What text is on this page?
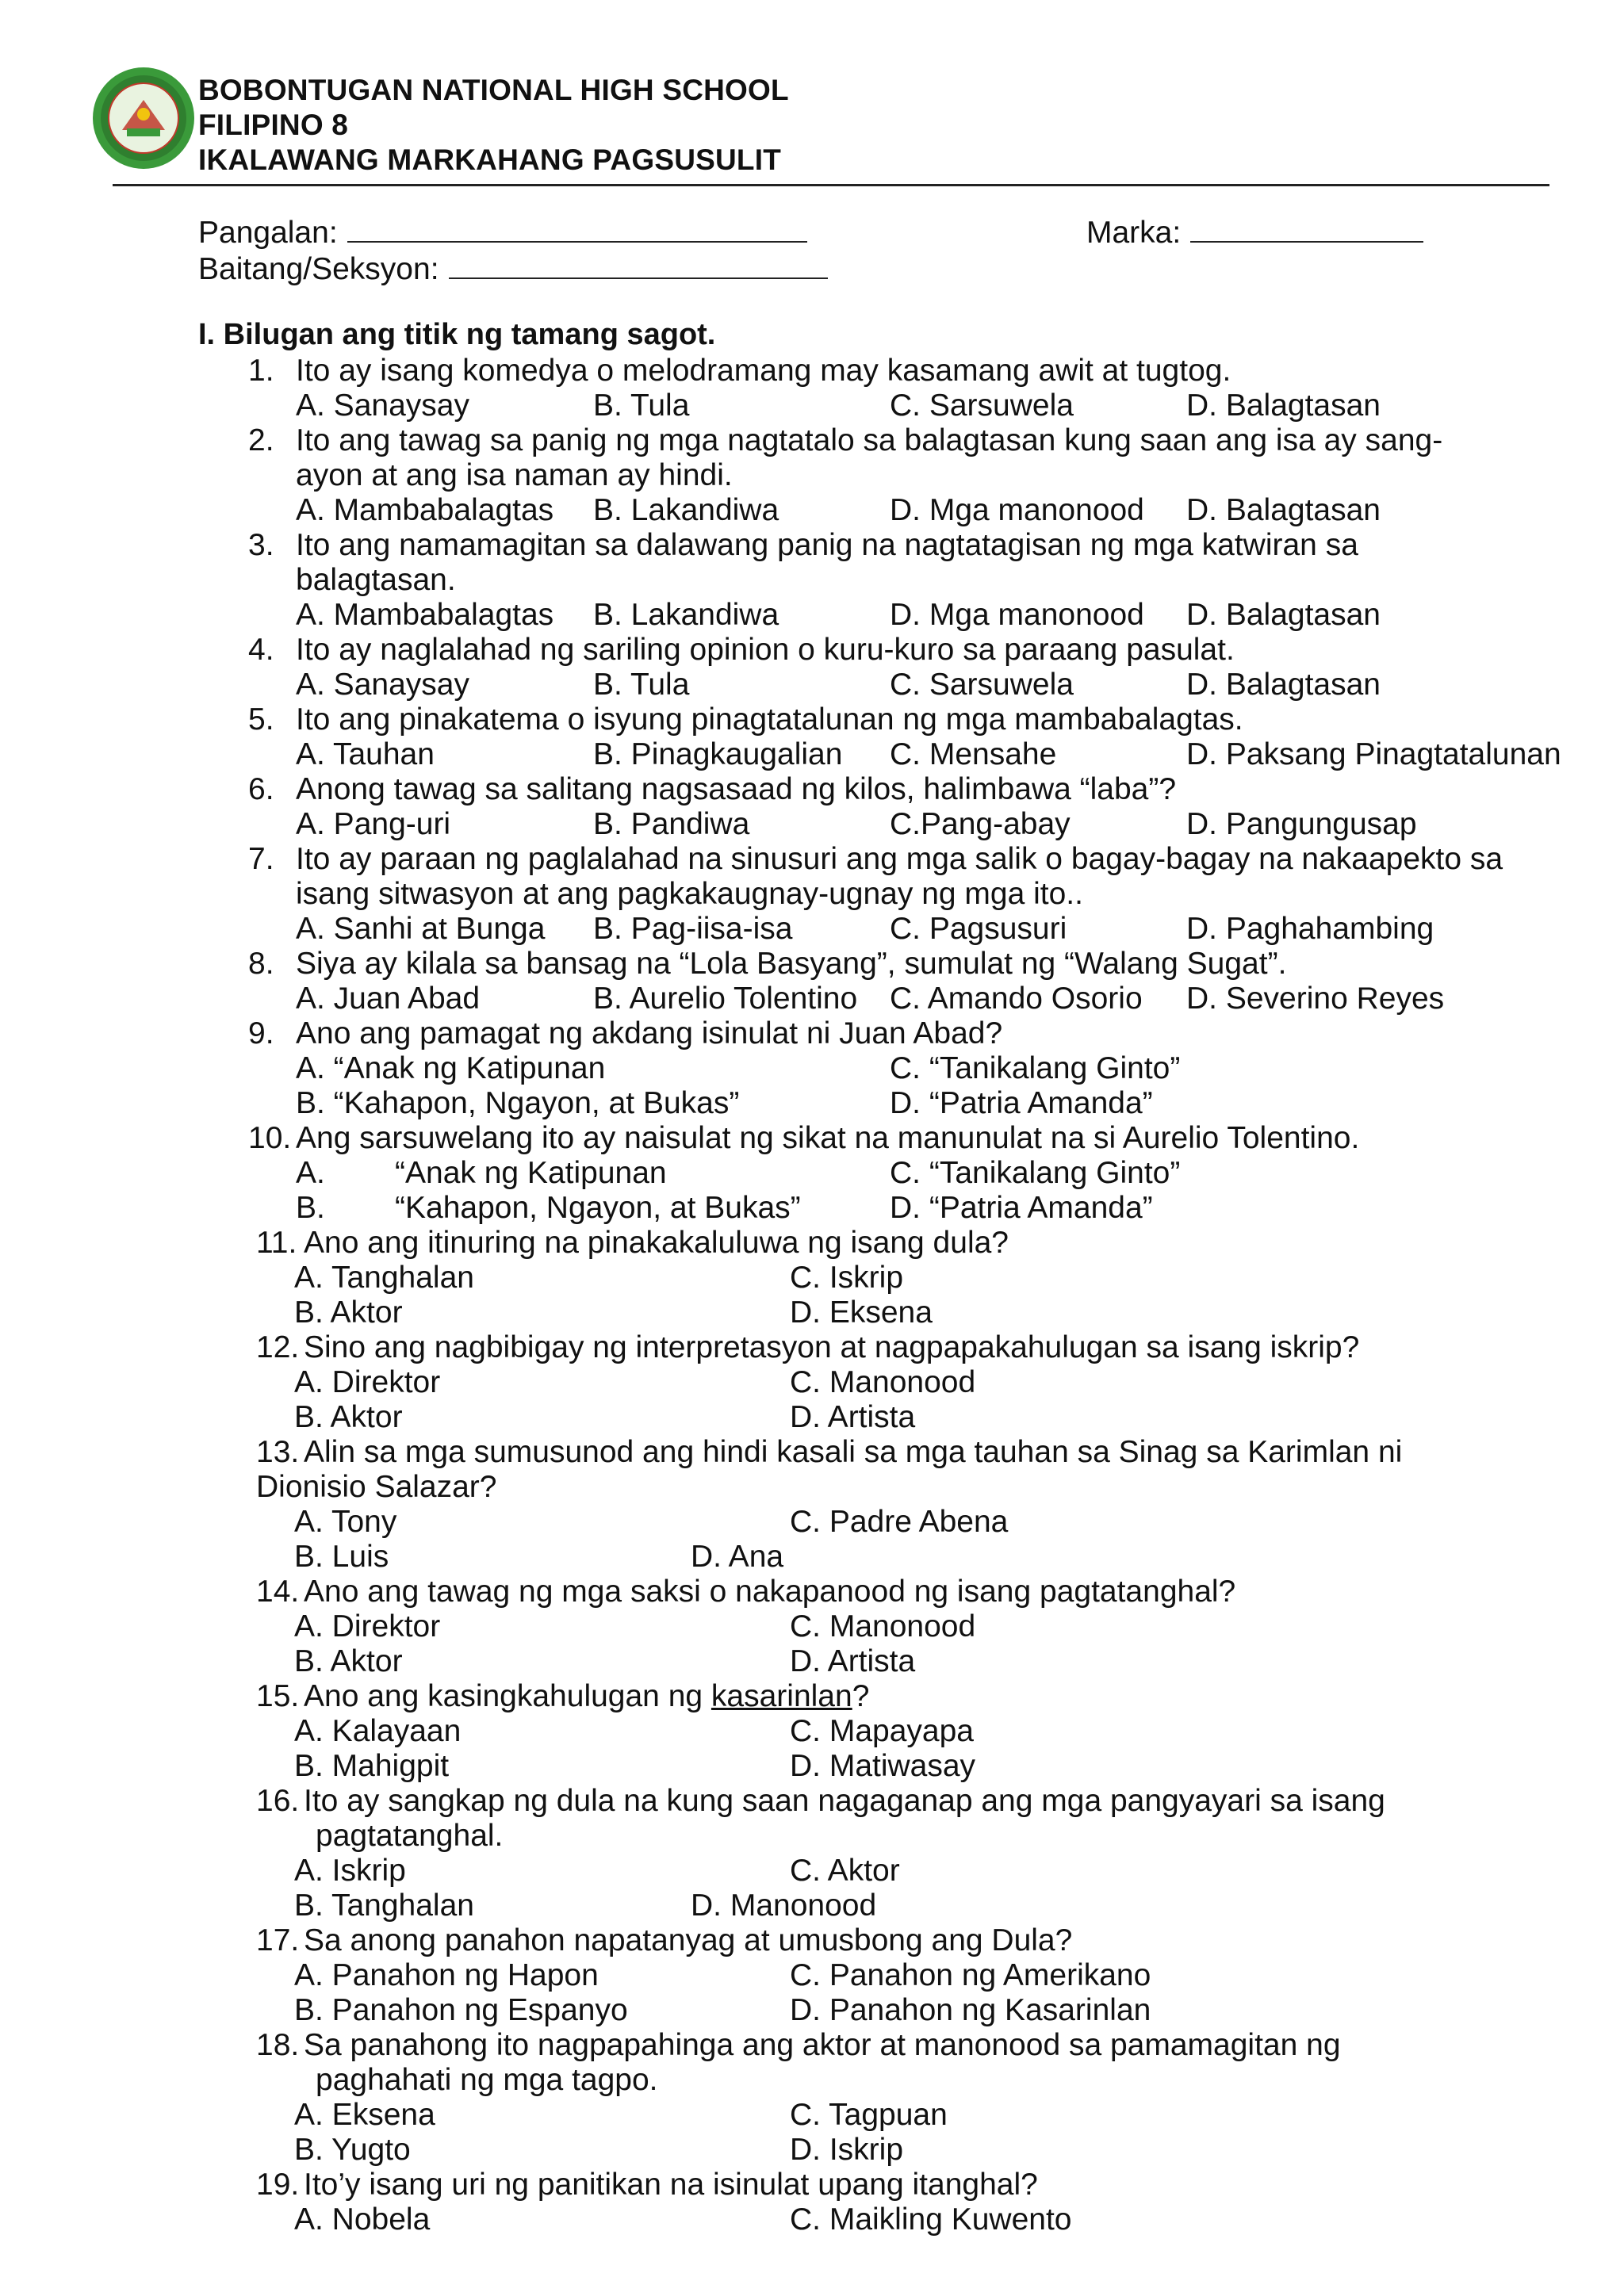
BOBONTUGAN NATIONAL HIGH SCHOOL
FILIPINO 8
IKALAWANG MARKAHANG PAGSUSULIT
Pangalan:	Marka:
Baitang/Seksyon:
I. Bilugan ang titik ng tamang sagot.
1. Ito ay isang komedya o melodramang may kasamang awit at tugtog.
A. Sanaysay	B. Tula	C. Sarsuwela	D. Balagtasan
2. Ito ang tawag sa panig ng mga nagtatalo sa balagtasan kung saan ang isa ay sang-
ayon at ang isa naman ay hindi.
A. Mambabalagtas B. Lakandiwa	D. Mga manonood D. Balagtasan
3. Ito ang namamagitan sa dalawang panig na nagtatagisan ng mga katwiran sa
balagtasan.
A. Mambabalagtas B. Lakandiwa	D. Mga manonood D. Balagtasan
4. Ito ay naglalahad ng sariling opinion o kuru-kuro sa paraang pasulat.
A. Sanaysay	B. Tula	C. Sarsuwela	D. Balagtasan
5. Ito ang pinakatema o isyung pinagtatalunan ng mga mambabalagtas.
A. Tauhan	B. Pinagkaugalian C. Mensahe	D. Paksang Pinagtatalunan
6. Anong tawag sa salitang nagsasaad ng kilos, halimbawa “laba”?
A. Pang-uri	B. Pandiwa	C.Pang-abay	D. Pangungusap
7. Ito ay paraan ng paglalahad na sinusuri ang mga salik o bagay-bagay na nakaapekto sa
isang sitwasyon at ang pagkakaugnay-ugnay ng mga ito..
A. Sanhi at Bunga B. Pag-iisa-isa	C. Pagsusuri	D. Paghahambing
8. Siya ay kilala sa bansag na “Lola Basyang”, sumulat ng “Walang Sugat”.
A. Juan Abad	B. Aurelio Tolentino C. Amando Osorio D. Severino Reyes
9. Ano ang pamagat ng akdang isinulat ni Juan Abad?
A. “Anak ng Katipunan	C. “Tanikalang Ginto”
B. “Kahapon, Ngayon, at Bukas”	D. “Patria Amanda”
10. Ang sarsuwelang ito ay naisulat ng sikat na manunulat na si Aurelio Tolentino.
A. “Anak ng Katipunan	C. “Tanikalang Ginto”
B. “Kahapon, Ngayon, at Bukas”	D. “Patria Amanda”
11. Ano ang itinuring na pinakakaluluwa ng isang dula?
A. Tanghalan	C. Iskrip
B. Aktor	D. Eksena
12. Sino ang nagbibigay ng interpretasyon at nagpapakahulugan sa isang iskrip?
A. Direktor	C. Manonood
B. Aktor	D. Artista
13. Alin sa mga sumusunod ang hindi kasali sa mga tauhan sa Sinag sa Karimlan ni
Dionisio Salazar?
A. Tony	C. Padre Abena
B. Luis	D. Ana
14. Ano ang tawag ng mga saksi o nakapanood ng isang pagtatanghal?
A. Direktor	C. Manonood
B. Aktor	D. Artista
15. Ano ang kasingkahulugan ng kasarinlan?
A. Kalayaan	C. Mapayapa
B. Mahigpit	D. Matiwasay
16. Ito ay sangkap ng dula na kung saan nagaganap ang mga pangyayari sa isang
pagtatanghal.
A. Iskrip	C. Aktor
B. Tanghalan	D. Manonood
17. Sa anong panahon napatanyag at umusbong ang Dula?
A. Panahon ng Hapon	C. Panahon ng Amerikano
B. Panahon ng Espanyo	D. Panahon ng Kasarinlan
18. Sa panahong ito nagpapahinga ang aktor at manonood sa pamamagitan ng
paghahati ng mga tagpo.
A. Eksena	C. Tagpuan
B. Yugto	D. Iskrip
19. Ito’y isang uri ng panitikan na isinulat upang itanghal?
A. Nobela	C. Maikling Kuwento
